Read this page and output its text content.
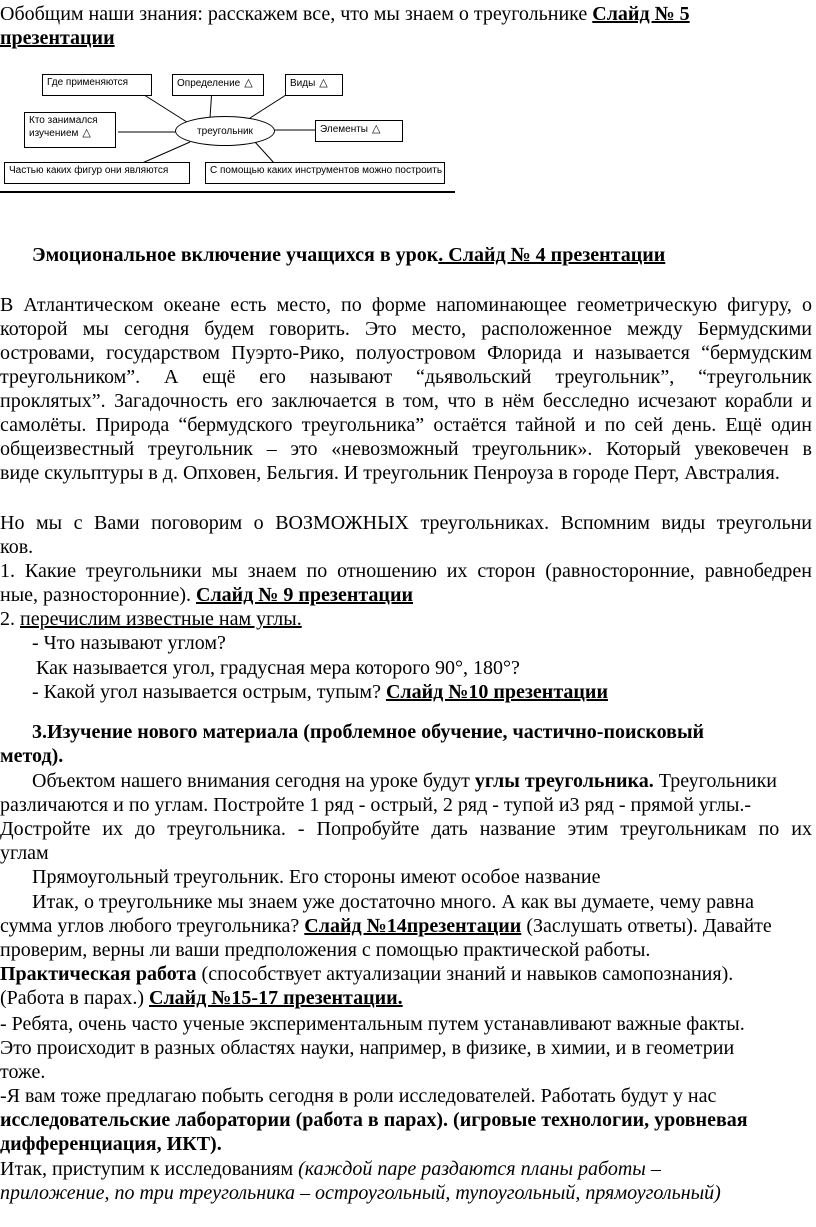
Обобщим наши знания: расскажем все, что мы знаем о треугольнике Слайд № 5
презентации
Где применяются	Определение △	Виды △
Кто занимался
изучением △	треугольник	Элементы △
Частью каких фигур они являются	С помощью каких инструментов можно построить
Эмоциональное включение учащихся в урок. Слайд № 4 презентации
В Атлантическом океане есть место, по форме напоминающее геометрическую фигуру, о
которой мы сегодня будем говорить. Это место, расположенное между Бермудскими
островами, государством Пуэрто-Рико, полуостровом Флорида и называется “бермудским
треугольником”. А ещё его называют “дьявольский треугольник”, “треугольник
проклятых”. Загадочность его заключается в том, что в нём бесследно исчезают корабли и
самолёты. Природа “бермудского треугольника” остаётся тайной и по сей день. Ещё один
общеизвестный треугольник – это «невозможный треугольник». Который увековечен в
виде скульптуры в д. Опховен, Бельгия. И треугольник Пенроуза в городе Перт, Австралия.
Но мы с Вами поговорим о ВОЗМОЖНЫХ треугольниках. Вспомним виды треугольни
ков.
1. Какие треугольники мы знаем по отношению их сторон (равносторонние, равнобедрен
ные, разносторонние). Слайд № 9 презентации
2. перечислим известные нам углы.
- Что называют углом?
Как называется угол, градусная мера которого 90°, 180°?
- Какой угол называется острым, тупым? Слайд №10 презентации
3.Изучение нового материала (проблемное обучение, частично-поисковый
метод).
Объектом нашего внимания сегодня на уроке будут углы треугольника. Треугольники
различаются и по углам. Постройте 1 ряд - острый, 2 ряд - тупой и3 ряд - прямой углы.-
Достройте их до треугольника. - Попробуйте дать название этим треугольникам по их
углам
Прямоугольный треугольник. Его стороны имеют особое название
Итак, о треугольнике мы знаем уже достаточно много. А как вы думаете, чему равна
сумма углов любого треугольника? Слайд №14презентации (Заслушать ответы). Давайте
проверим, верны ли ваши предположения с помощью практической работы.
Практическая работа (способствует актуализации знаний и навыков самопознания).
(Работа в парах.) Слайд №15-17 презентации.
- Ребята, очень часто ученые экспериментальным путем устанавливают важные факты.
Это происходит в разных областях науки, например, в физике, в химии, и в геометрии
тоже.
-Я вам тоже предлагаю побыть сегодня в роли исследователей. Работать будут у нас
исследовательские лаборатории (работа в парах). (игровые технологии, уровневая
дифференциация, ИКТ).
Итак, приступим к исследованиям (каждой паре раздаются планы работы –
приложение, по три треугольника – остроугольный, тупоугольный, прямоугольный)
